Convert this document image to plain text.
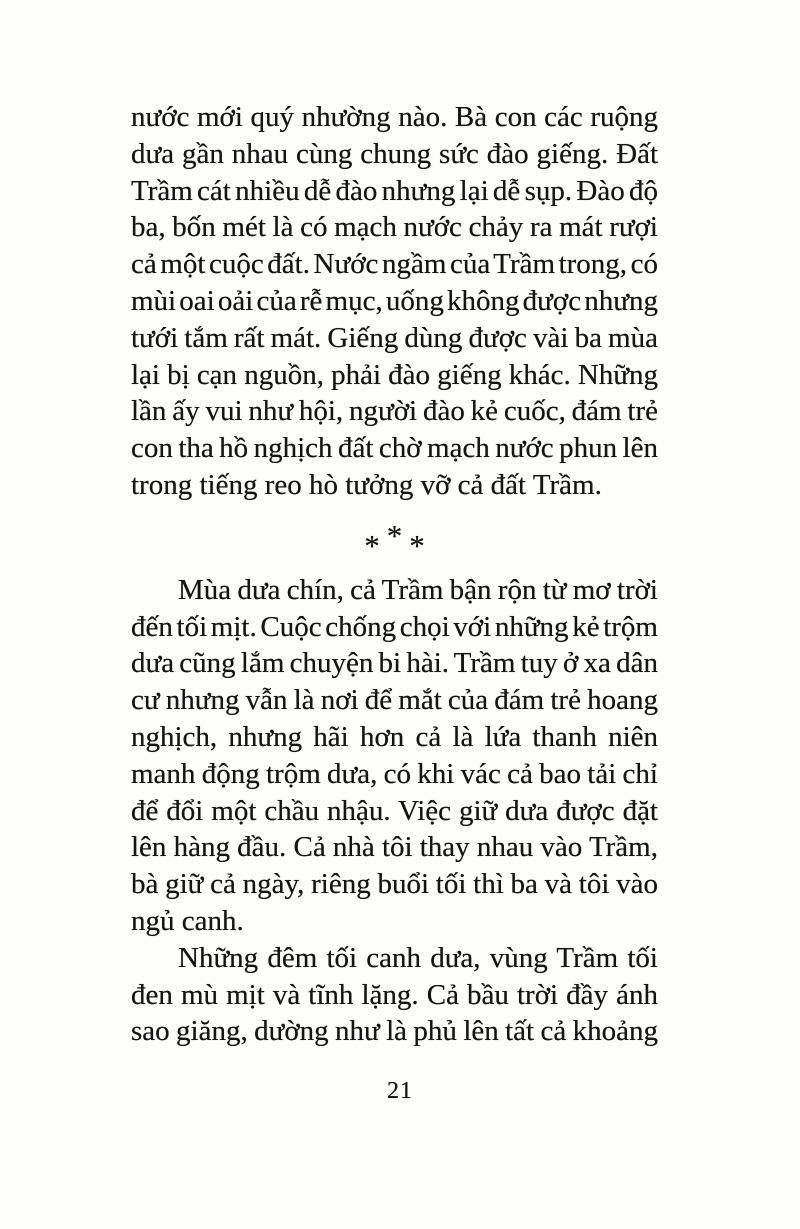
nước mới quý nhường nào. Bà con các ruộng
dưa gần nhau cùng chung sức đào giếng. Đất
Trầm cát nhiều dễ đào nhưng lại dễ sụp. Đào độ
ba, bốn mét là có mạch nước chảy ra mát rượi
cả một cuộc đất. Nước ngầm của Trầm trong, có
mùi oai oải của rễ mục, uống không được nhưng
tưới tắm rất mát. Giếng dùng được vài ba mùa
lại bị cạn nguồn, phải đào giếng khác. Những
lần ấy vui như hội, người đào kẻ cuốc, đám trẻ
con tha hồ nghịch đất chờ mạch nước phun lên
trong tiếng reo hò tưởng vỡ cả đất Trầm.
* * *
Mùa dưa chín, cả Trầm bận rộn từ mơ trời
đến tối mịt. Cuộc chống chọi với những kẻ trộm
dưa cũng lắm chuyện bi hài. Trầm tuy ở xa dân
cư nhưng vẫn là nơi để mắt của đám trẻ hoang
nghịch, nhưng hãi hơn cả là lứa thanh niên
manh động trộm dưa, có khi vác cả bao tải chỉ
để đổi một chầu nhậu. Việc giữ dưa được đặt
lên hàng đầu. Cả nhà tôi thay nhau vào Trầm,
bà giữ cả ngày, riêng buổi tối thì ba và tôi vào
ngủ canh.
Những đêm tối canh dưa, vùng Trầm tối
đen mù mịt và tĩnh lặng. Cả bầu trời đầy ánh
sao giăng, dường như là phủ lên tất cả khoảng
21
